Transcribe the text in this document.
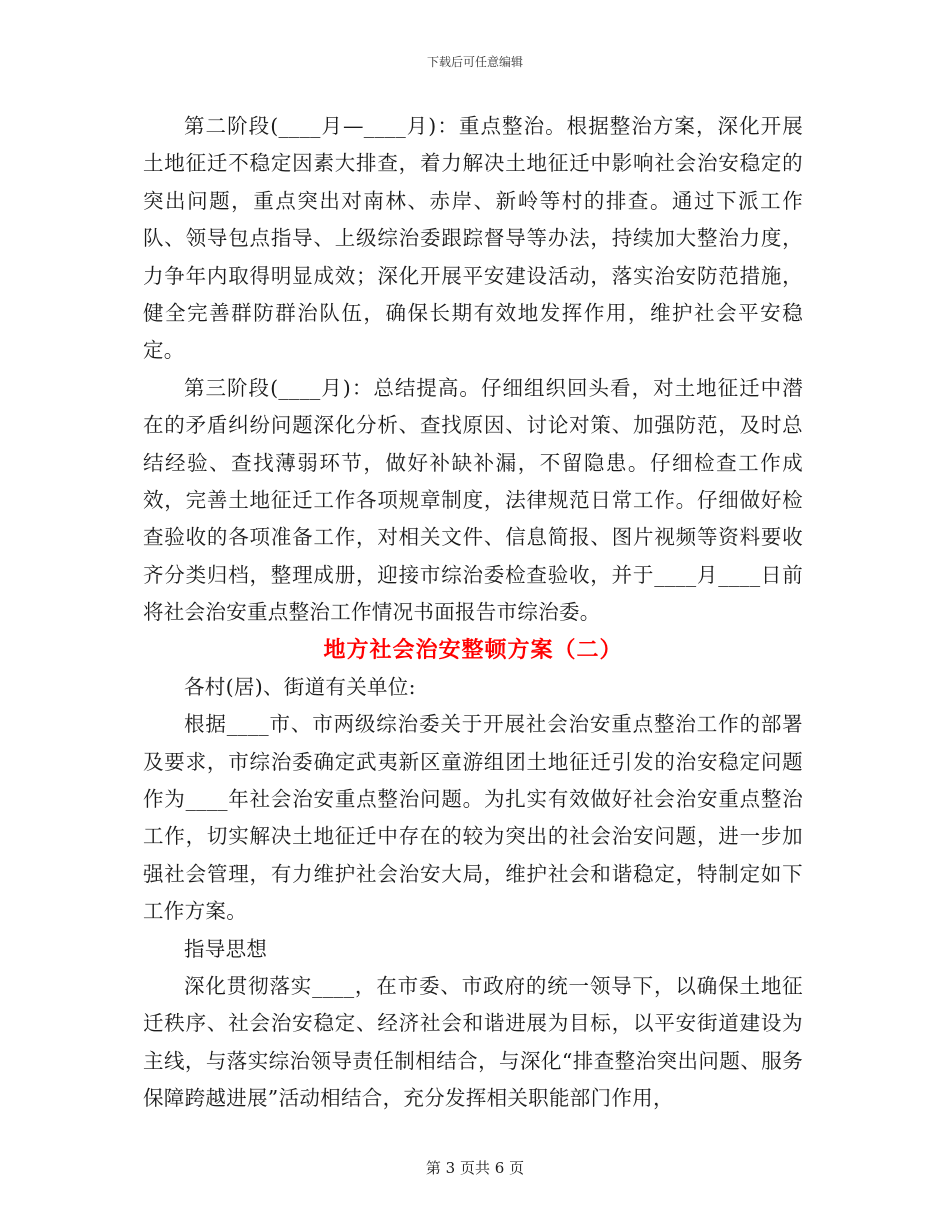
下载后可任意编辑

第二阶段(____月—____月)：重点整治。根据整治方案，深化开展土地征迁不稳定因素大排查，着力解决土地征迁中影响社会治安稳定的突出问题，重点突出对南林、赤岸、新岭等村的排查。通过下派工作队、领导包点指导、上级综治委跟踪督导等办法，持续加大整治力度，力争年内取得明显成效；深化开展平安建设活动，落实治安防范措施，健全完善群防群治队伍，确保长期有效地发挥作用，维护社会平安稳定。

第三阶段(____月)：总结提高。仔细组织回头看，对土地征迁中潜在的矛盾纠纷问题深化分析、查找原因、讨论对策、加强防范，及时总结经验、查找薄弱环节，做好补缺补漏，不留隐患。仔细检查工作成效，完善土地征迁工作各项规章制度，法律规范日常工作。仔细做好检查验收的各项准备工作，对相关文件、信息简报、图片视频等资料要收齐分类归档，整理成册，迎接市综治委检查验收，并于____月____日前将社会治安重点整治工作情况书面报告市综治委。

地方社会治安整顿方案（二）

各村(居)、街道有关单位:

根据____市、市两级综治委关于开展社会治安重点整治工作的部署及要求，市综治委确定武夷新区童游组团土地征迁引发的治安稳定问题作为____年社会治安重点整治问题。为扎实有效做好社会治安重点整治工作，切实解决土地征迁中存在的较为突出的社会治安问题，进一步加强社会管理，有力维护社会治安大局，维护社会和谐稳定，特制定如下工作方案。

指导思想

深化贯彻落实____，在市委、市政府的统一领导下，以确保土地征迁秩序、社会治安稳定、经济社会和谐进展为目标，以平安街道建设为主线，与落实综治领导责任制相结合，与深化“排查整治突出问题、服务保障跨越进展”活动相结合，充分发挥相关职能部门作用，

第 3 页共 6 页
